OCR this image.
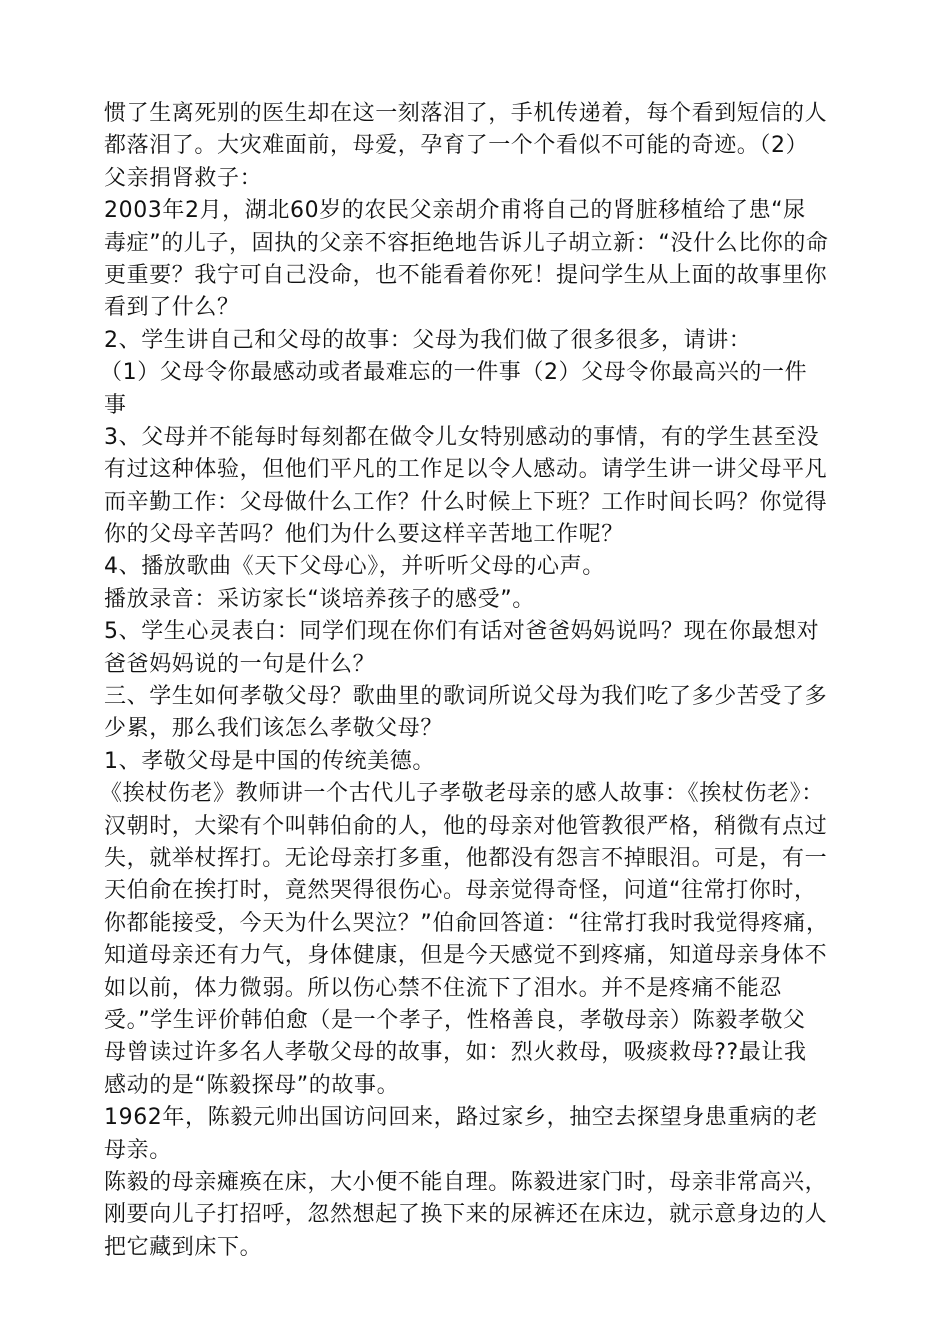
惯了生离死别的医生却在这一刻落泪了，手机传递着，每个看到短信的人
都落泪了。大灾难面前，母爱，孕育了一个个看似不可能的奇迹。（2）
父亲捐肾救子：
2003年2月，湖北60岁的农民父亲胡介甫将自己的肾脏移植给了患“尿
毒症”的儿子，固执的父亲不容拒绝地告诉儿子胡立新：“没什么比你的命
更重要？我宁可自己没命，也不能看着你死！提问学生从上面的故事里你
看到了什么？
2、学生讲自己和父母的故事：父母为我们做了很多很多，请讲：
（1）父母令你最感动或者最难忘的一件事（2）父母令你最高兴的一件
事
3、父母并不能每时每刻都在做令儿女特别感动的事情，有的学生甚至没
有过这种体验，但他们平凡的工作足以令人感动。请学生讲一讲父母平凡
而辛勤工作：父母做什么工作？什么时候上下班？工作时间长吗？你觉得
你的父母辛苦吗？他们为什么要这样辛苦地工作呢？
4、播放歌曲《天下父母心》，并听听父母的心声。
播放录音：采访家长“谈培养孩子的感受”。
5、学生心灵表白：同学们现在你们有话对爸爸妈妈说吗？现在你最想对
爸爸妈妈说的一句是什么？
三、学生如何孝敬父母？歌曲里的歌词所说父母为我们吃了多少苦受了多
少累，那么我们该怎么孝敬父母？
1、孝敬父母是中国的传统美德。
《挨杖伤老》教师讲一个古代儿子孝敬老母亲的感人故事：《挨杖伤老》：
汉朝时，大梁有个叫韩伯俞的人，他的母亲对他管教很严格，稍微有点过
失，就举杖挥打。无论母亲打多重，他都没有怨言不掉眼泪。可是，有一
天伯俞在挨打时，竟然哭得很伤心。母亲觉得奇怪，问道“往常打你时，
你都能接受，今天为什么哭泣？”伯俞回答道：“往常打我时我觉得疼痛，
知道母亲还有力气，身体健康，但是今天感觉不到疼痛，知道母亲身体不
如以前，体力微弱。所以伤心禁不住流下了泪水。并不是疼痛不能忍
受。”学生评价韩伯愈（是一个孝子，性格善良，孝敬母亲）陈毅孝敬父
母曾读过许多名人孝敬父母的故事，如：烈火救母，吸痰救母??最让我
感动的是“陈毅探母”的故事。
1962年，陈毅元帅出国访问回来，路过家乡，抽空去探望身患重病的老
母亲。
陈毅的母亲瘫痪在床，大小便不能自理。陈毅进家门时，母亲非常高兴，
刚要向儿子打招呼，忽然想起了换下来的尿裤还在床边，就示意身边的人
把它藏到床下。
